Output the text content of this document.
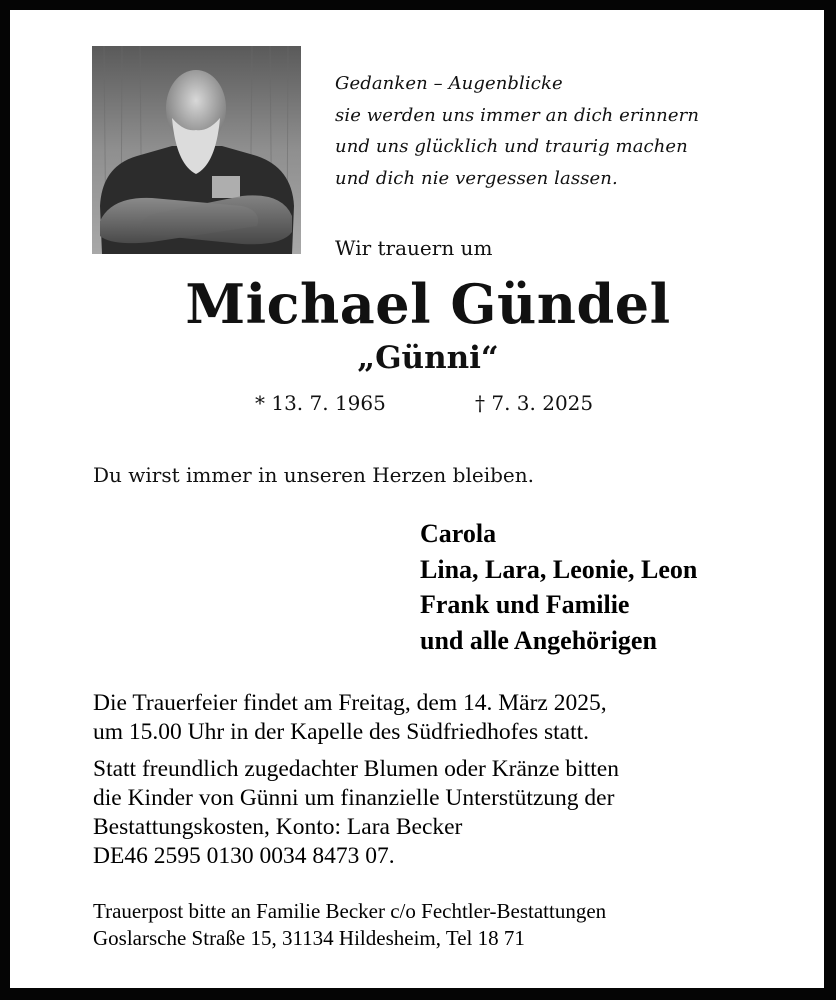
Gedanken – Augenblicke
sie werden uns immer an dich erinnern
und uns glücklich und traurig machen
und dich nie vergessen lassen.
Wir trauern um
Michael Gündel
„Günni“
* 13. 7. 1965	† 7. 3. 2025
Du wirst immer in unseren Herzen bleiben.
Carola
Lina, Lara, Leonie, Leon
Frank und Familie
und alle Angehörigen
Die Trauerfeier findet am Freitag, dem 14. März 2025,
um 15.00 Uhr in der Kapelle des Südfriedhofes statt.
Statt freundlich zugedachter Blumen oder Kränze bitten
die Kinder von Günni um finanzielle Unterstützung der
Bestattungskosten, Konto: Lara Becker
DE46 2595 0130 0034 8473 07.
Trauerpost bitte an Familie Becker c/o Fechtler-Bestattungen
Goslarsche Straße 15, 31134 Hildesheim, Tel 18 71
